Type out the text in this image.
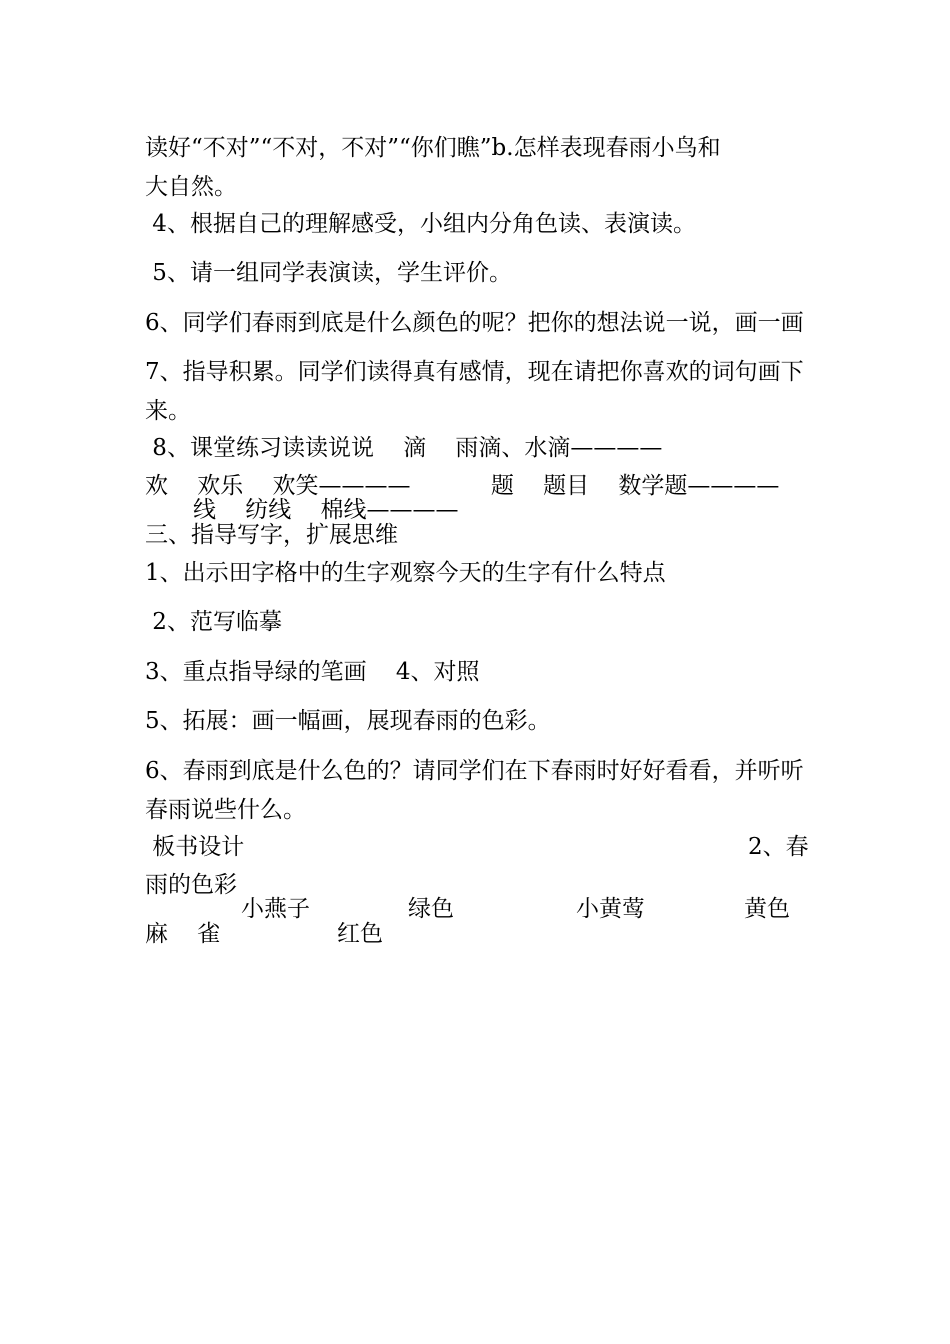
读好“不对”“不对，不对”“你们瞧”b.怎样表现春雨小鸟和
大自然。
4、根据自己的理解感受，小组内分角色读、表演读。
5、请一组同学表演读，学生评价。
6、同学们春雨到底是什么颜色的呢？把你的想法说一说，画一画
7、指导积累。同学们读得真有感情，现在请把你喜欢的词句画下
来。
8、课堂练习读读说说    滴    雨滴、水滴————
欢    欢乐    欢笑————           题    题目    数学题————
线    纺线    棉线————
三、指导写字，扩展思维
1、出示田字格中的生字观察今天的生字有什么特点
2、范写临摹
3、重点指导绿的笔画    4、对照
5、拓展：画一幅画，展现春雨的色彩。
6、春雨到底是什么色的？请同学们在下春雨时好好看看，并听听
春雨说些什么。
板书设计	2、春
雨的色彩
小燕子	绿色	小黄莺	黄色
麻    雀	红色
